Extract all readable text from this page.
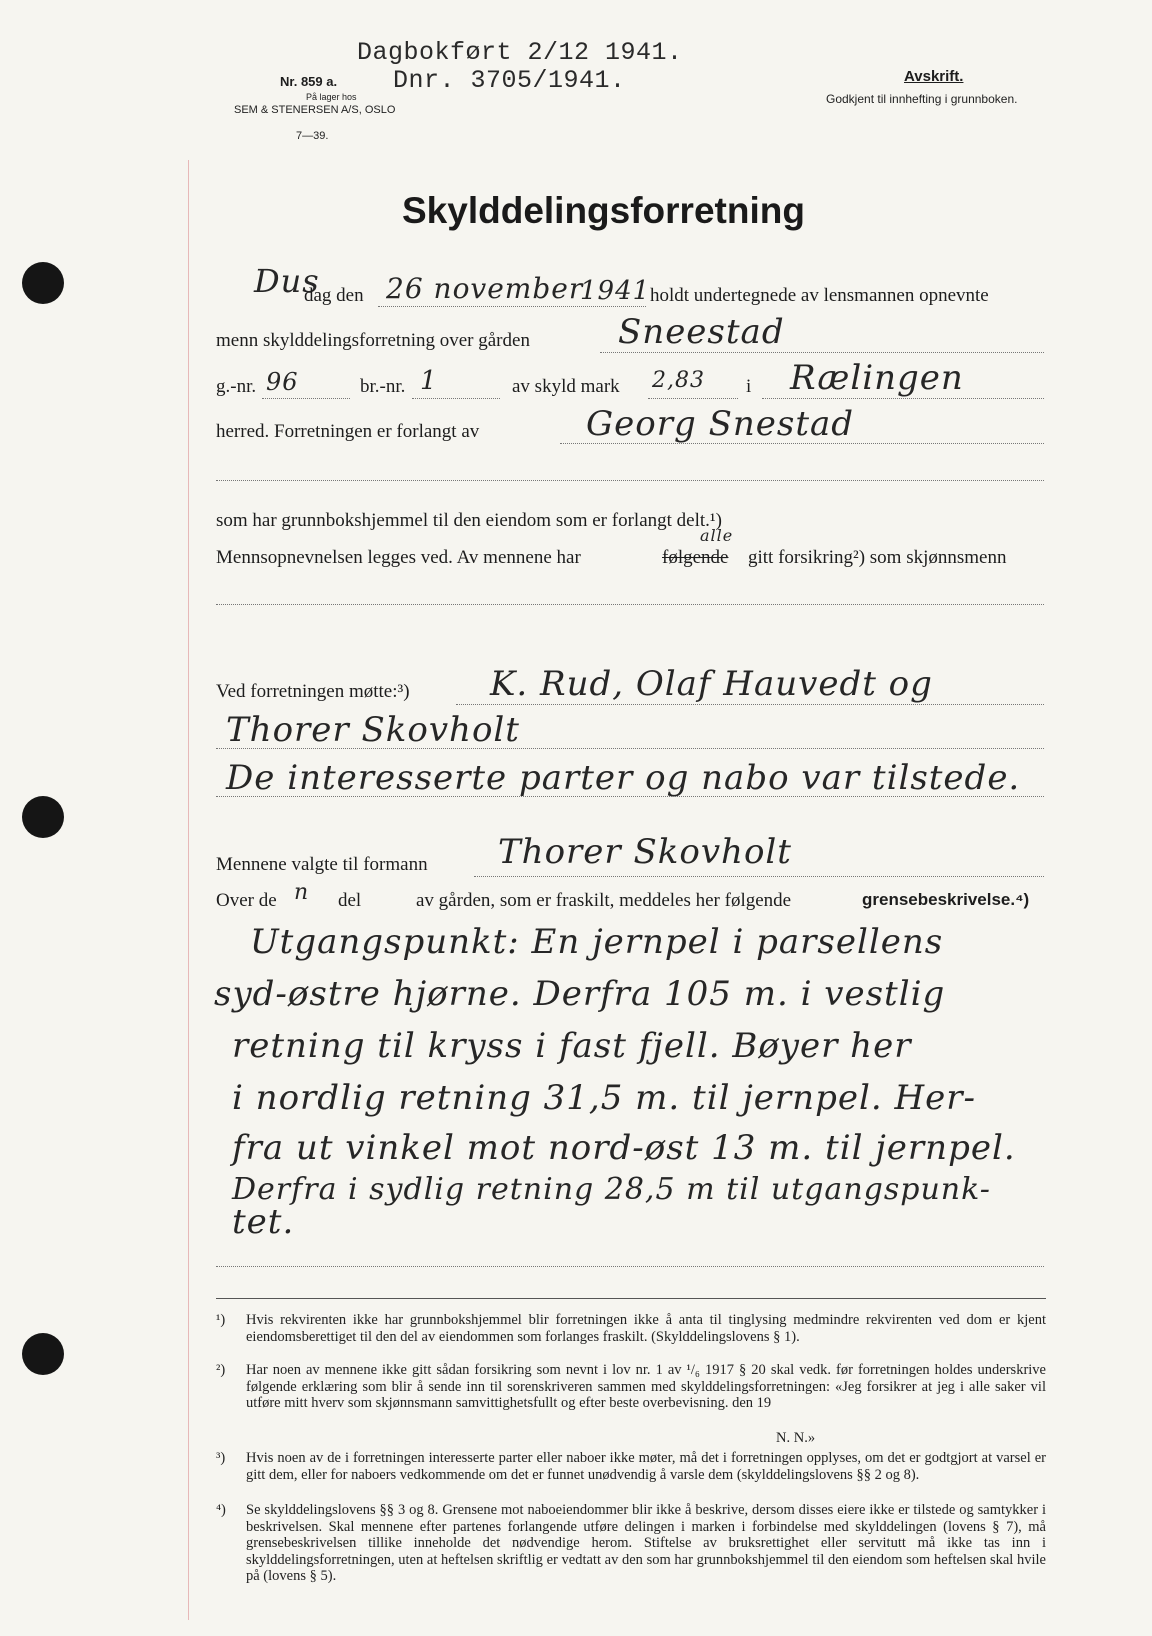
Dagbokført 2/12 1941.
Dnr. 3705/1941.
Nr. 859 a.
På lager hos
SEM & STENERSEN A/S, OSLO
7—39.
Avskrift.
Godkjent til innhefting i grunnboken.
Skylddelingsforretning
Dus
dag den 26 november
1941 holdt undertegnede av lensmannen opnevnte
menn skylddelingsforretning over gården	Sneestad
g.-nr. 96	br.-nr. 1	av skyld mark 2,83 i Rælingen
herred. Forretningen er forlangt av	Georg Snestad
som har grunnbokshjemmel til den eiendom som er forlangt delt.¹)
Mennsopnevnelsen legges ved. Av mennene har	følgende
alle
gitt forsikring²) som skjønnsmenn
Ved forretningen møtte:³) K. Rud, Olaf Hauvedt og
Thorer Skovholt
De interesserte parter og nabo var tilstede.
Mennene valgte til formann Thorer Skovholt
Over de n del	av gården, som er fraskilt, meddeles her følgende	grensebeskrivelse.⁴)
Utgangspunkt: En jernpel i parsellens
syd-østre hjørne. Derfra 105 m. i vestlig
retning til kryss i fast fjell. Bøyer her
i nordlig retning 31,5 m. til jernpel. Her-
fra ut vinkel mot nord-øst 13 m. til jernpel.
Derfra i sydlig retning 28,5 m til utgangspunk-
tet.
¹) Hvis rekvirenten ikke har grunnbokshjemmel blir forretningen ikke å anta til tinglysing medmindre rekvirenten ved dom er kjent eiendomsberettiget til den del av eiendommen som forlanges fraskilt. (Skylddelingslovens § 1).
²) Har noen av mennene ikke gitt sådan forsikring som nevnt i lov nr. 1 av ¹/₆ 1917 § 20 skal vedk. før forretningen holdes underskrive følgende erklæring som blir å sende inn til sorenskriveren sammen med skylddelingsforretningen: «Jeg forsikrer at jeg i alle saker vil utføre mitt hverv som skjønnsmann samvittighetsfullt og efter beste overbevisning. den 19
N. N.»
³) Hvis noen av de i forretningen interesserte parter eller naboer ikke møter, må det i forretningen opplyses, om det er godtgjort at varsel er gitt dem, eller for naboers vedkommende om det er funnet unødvendig å varsle dem (skylddelingslovens §§ 2 og 8).
⁴) Se skylddelingslovens §§ 3 og 8. Grensene mot naboeiendommer blir ikke å beskrive, dersom disses eiere ikke er tilstede og samtykker i beskrivelsen. Skal mennene efter partenes forlangende utføre delingen i marken i forbindelse med skylddelingen (lovens § 7), må grensebeskrivelsen tillike inneholde det nødvendige herom. Stiftelse av bruksrettighet eller servitutt må ikke tas inn i skylddelingsforretningen, uten at heftelsen skriftlig er vedtatt av den som har grunnbokshjemmel til den eiendom som heftelsen skal hvile på (lovens § 5).
